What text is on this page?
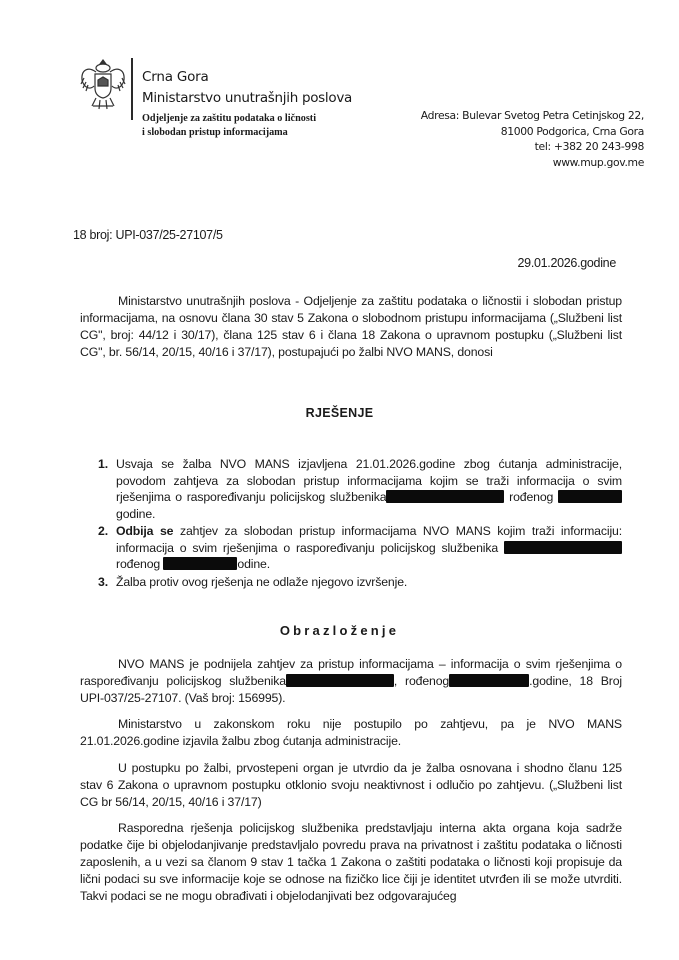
Crna Gora
Ministarstvo unutrašnjih poslova
Odjeljenje za zaštitu podataka o ličnosti
i slobodan pristup informacijama
Adresa: Bulevar Svetog Petra Cetinjskog 22,
81000 Podgorica, Crna Gora
tel: +382 20 243-998
www.mup.gov.me
18 broj: UPI-037/25-27107/5
29.01.2026.godine
Ministarstvo unutrašnjih poslova - Odjeljenje za zaštitu podataka o ličnostii i slobodan pristup informacijama, na osnovu člana 30 stav 5 Zakona o slobodnom pristupu informacijama („Službeni list CG", broj: 44/12 i 30/17), člana 125 stav 6 i člana 18 Zakona o upravnom postupku („Službeni list CG", br. 56/14, 20/15, 40/16 i 37/17), postupajući po žalbi NVO MANS, donosi
RJEŠENJE
1. Usvaja se žalba NVO MANS izjavljena 21.01.2026.godine zbog ćutanja administracije, povodom zahtjeva za slobodan pristup informacijama kojim se traži informacija o svim rješenjima o raspoređivanju policijskog službenika	rođenog godine.
2. Odbija se zahtjev za slobodan pristup informacijama NVO MANS kojim traži informaciju: informacija o svim rješenjima o raspoređivanju policijskog službenika  rođenog	odine.
3. Žalba protiv ovog rješenja ne odlaže njegovo izvršenje.
Obrazloženje
NVO MANS je podnijela zahtjev za pristup informacijama – informacija o svim rješenjima o raspoređivanju policijskog službenika	, rođenog	.godine, 18 Broj UPI-037/25-27107. (Vaš broj: 156995).
Ministarstvo u zakonskom roku nije postupilo po zahtjevu, pa je NVO MANS 21.01.2026.godine izjavila žalbu zbog ćutanja administracije.
U postupku po žalbi, prvostepeni organ je utvrdio da je žalba osnovana i shodno članu 125 stav 6 Zakona o upravnom postupku otklonio svoju neaktivnost i odlučio po zahtjevu. („Službeni list CG br 56/14, 20/15, 40/16 i 37/17)
Rasporedna rješenja policijskog službenika predstavljaju interna akta organa koja sadrže podatke čije bi objelodanjivanje predstavljalo povredu prava na privatnost i zaštitu podataka o ličnosti zaposlenih, a u vezi sa članom 9 stav 1 tačka 1 Zakona o zaštiti podataka o ličnosti koji propisuje da lični podaci su sve informacije koje se odnose na fizičko lice čiji je identitet utvrđen ili se može utvrditi. Takvi podaci se ne mogu obrađivati i objelodanjivati bez odgovarajućeg
